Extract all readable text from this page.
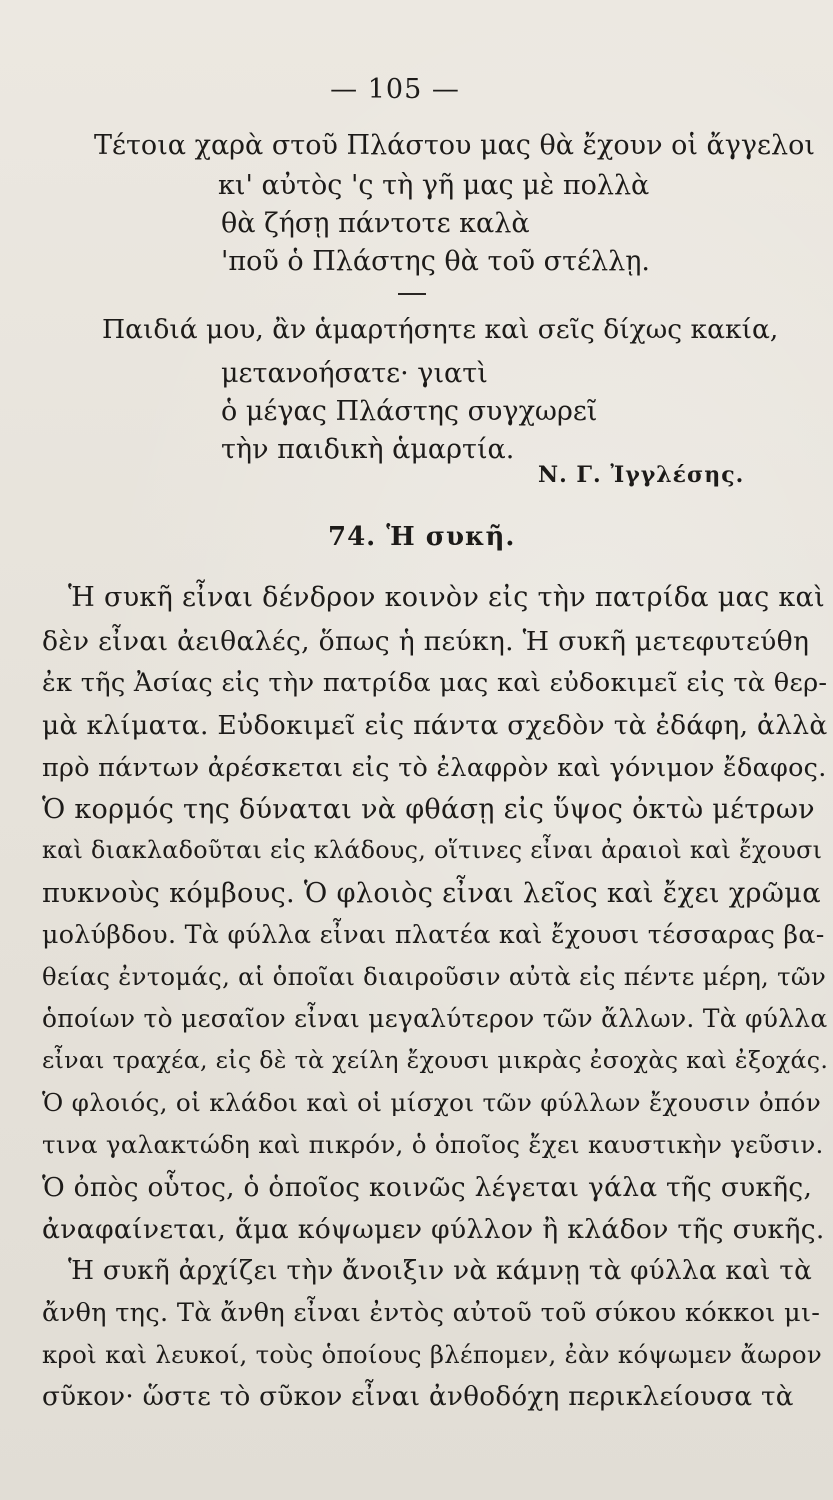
— 105 —
Τέτοια χαρὰ στοῦ Πλάστου μας θὰ ἔχουν οἱ ἄγγελοι
κι' αὐτὸς 'ς τὴ γῆ μας μὲ πολλὰ
θὰ ζήσῃ πάντοτε καλὰ
'ποῦ ὁ Πλάστης θὰ τοῦ στέλλῃ.
Παιδιά μου, ἂν ἁμαρτήσητε καὶ σεῖς δίχως κακία,
μετανοήσατε· γιατὶ
ὁ μέγας Πλάστης συγχωρεῖ
τὴν παιδικὴ ἁμαρτία.
Ν. Γ. Ἰγγλέσης.
74. Ἡ συκῆ.
Ἡ συκῆ εἶναι δένδρον κοινὸν εἰς τὴν πατρίδα μας καὶ
δὲν εἶναι ἀειθαλές, ὅπως ἡ πεύκη. Ἡ συκῆ μετεφυτεύθη
ἐκ τῆς Ἀσίας εἰς τὴν πατρίδα μας καὶ εὐδοκιμεῖ εἰς τὰ θερ-
μὰ κλίματα. Εὐδοκιμεῖ εἰς πάντα σχεδὸν τὰ ἐδάφη, ἀλλὰ
πρὸ πάντων ἀρέσκεται εἰς τὸ ἐλαφρὸν καὶ γόνιμον ἔδαφος.
Ὁ κορμός της δύναται νὰ φθάσῃ εἰς ὕψος ὀκτὼ μέτρων
καὶ διακλαδοῦται εἰς κλάδους, οἵτινες εἶναι ἀραιοὶ καὶ ἔχουσι
πυκνοὺς κόμβους. Ὁ φλοιὸς εἶναι λεῖος καὶ ἔχει χρῶμα
μολύβδου. Τὰ φύλλα εἶναι πλατέα καὶ ἔχουσι τέσσαρας βα-
θείας ἐντομάς, αἱ ὁποῖαι διαιροῦσιν αὐτὰ εἰς πέντε μέρη, τῶν
ὁποίων τὸ μεσαῖον εἶναι μεγαλύτερον τῶν ἄλλων. Τὰ φύλλα
εἶναι τραχέα, εἰς δὲ τὰ χείλη ἔχουσι μικρὰς ἐσοχὰς καὶ ἐξοχάς.
Ὁ φλοιός, οἱ κλάδοι καὶ οἱ μίσχοι τῶν φύλλων ἔχουσιν ὀπόν
τινα γαλακτώδη καὶ πικρόν, ὁ ὁποῖος ἔχει καυστικὴν γεῦσιν.
Ὁ ὀπὸς οὗτος, ὁ ὁποῖος κοινῶς λέγεται γάλα τῆς συκῆς,
ἀναφαίνεται, ἅμα κόψωμεν φύλλον ἢ κλάδον τῆς συκῆς.
Ἡ συκῆ ἀρχίζει τὴν ἄνοιξιν νὰ κάμνῃ τὰ φύλλα καὶ τὰ
ἄνθη της. Τὰ ἄνθη εἶναι ἐντὸς αὐτοῦ τοῦ σύκου κόκκοι μι-
κροὶ καὶ λευκοί, τοὺς ὁποίους βλέπομεν, ἐὰν κόψωμεν ἄωρον
σῦκον· ὥστε τὸ σῦκον εἶναι ἀνθοδόχη περικλείουσα τὰ
